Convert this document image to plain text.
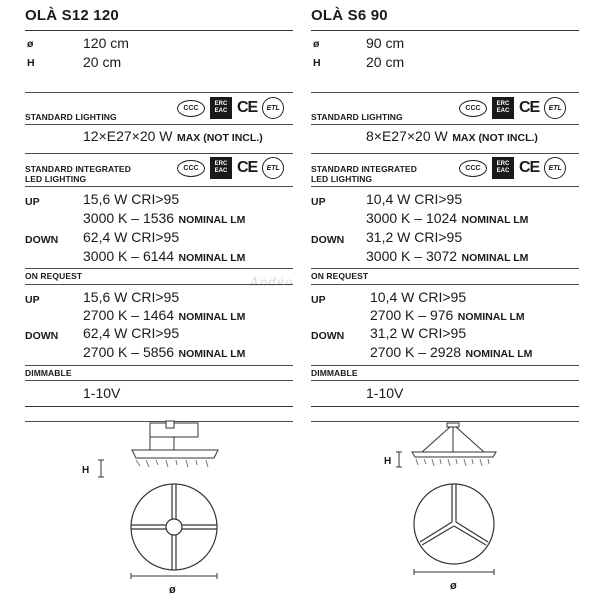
Andéo
OLÀ S12 120
ø	120 cm
H	20 cm
STANDARD LIGHTING
CCC
ERC
EAC CE	ETL
12×E27×20 W MAX (NOT INCL.)
STANDARD INTEGRATED
LED LIGHTING
CCC
ERC
EAC CE	ETL
UP	15,6 W CRI>95
3000 K – 1536 NOMINAL LM
DOWN 62,4 W CRI>95
3000 K – 6144 NOMINAL LM
ON REQUEST
UP	15,6 W CRI>95
2700 K – 1464 NOMINAL LM
DOWN 62,4 W CRI>95
2700 K – 5856 NOMINAL LM
DIMMABLE
1-10V
OLÀ S6 90
ø	90 cm
H	20 cm
STANDARD LIGHTING
CCC
ERC
EAC CE	ETL
8×E27×20 W MAX (NOT INCL.)
STANDARD INTEGRATED
LED LIGHTING
CCC
ERC
EAC CE	ETL
UP	10,4 W CRI>95
3000 K – 1024 NOMINAL LM
DOWN 31,2 W CRI>95
3000 K – 3072 NOMINAL LM
ON REQUEST
UP	10,4 W CRI>95
2700 K – 976 NOMINAL LM
DOWN 31,2 W CRI>95
2700 K – 2928 NOMINAL LM
DIMMABLE
1-10V
H
ø
H
ø
